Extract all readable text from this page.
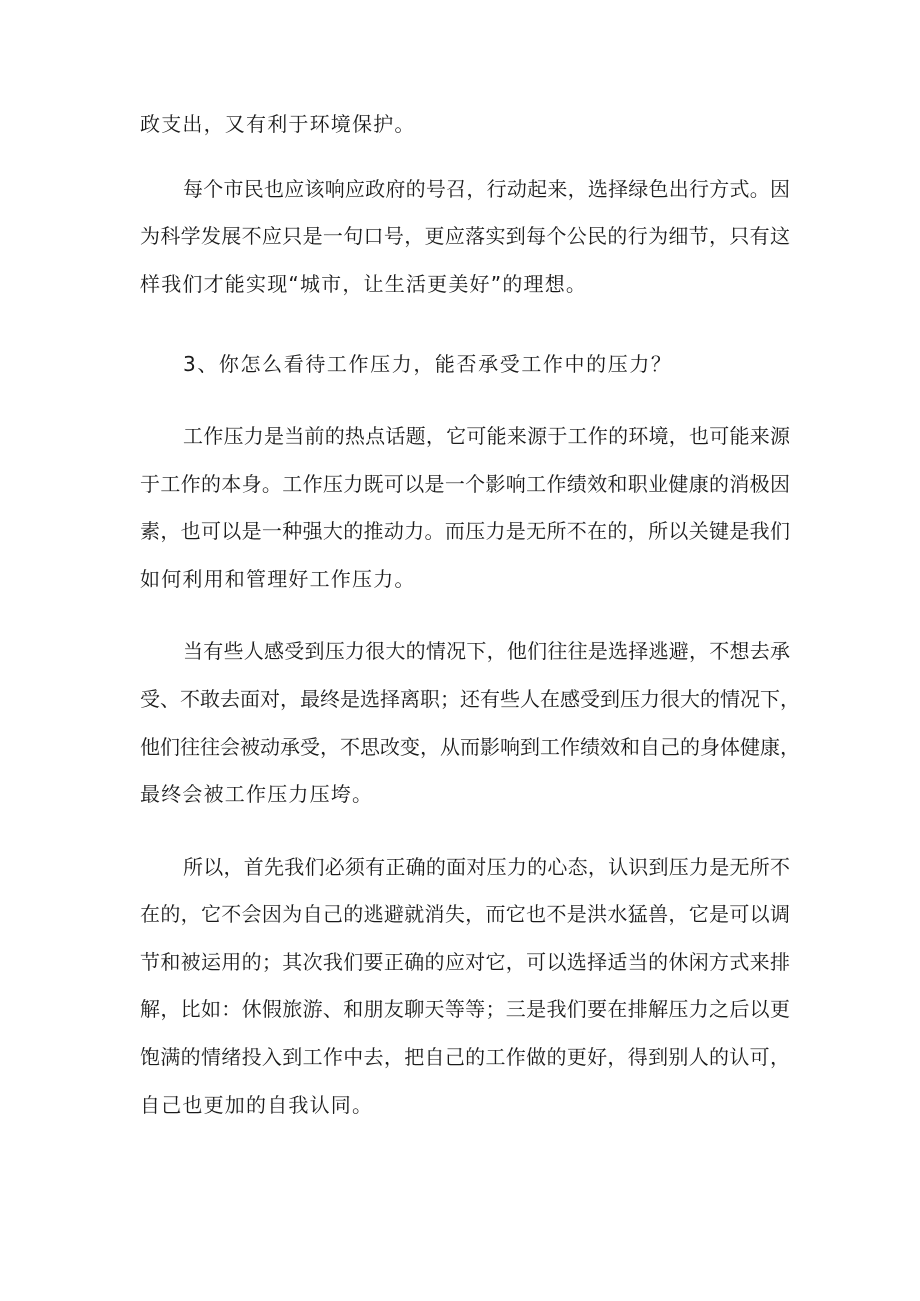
政支出，又有利于环境保护。
每个市民也应该响应政府的号召，行动起来，选择绿色出行方式。因
为科学发展不应只是一句口号，更应落实到每个公民的行为细节，只有这
样我们才能实现“城市，让生活更美好”的理想。
3、你怎么看待工作压力，能否承受工作中的压力？
工作压力是当前的热点话题，它可能来源于工作的环境，也可能来源
于工作的本身。工作压力既可以是一个影响工作绩效和职业健康的消极因
素，也可以是一种强大的推动力。而压力是无所不在的，所以关键是我们
如何利用和管理好工作压力。
当有些人感受到压力很大的情况下，他们往往是选择逃避，不想去承
受、不敢去面对，最终是选择离职；还有些人在感受到压力很大的情况下，
他们往往会被动承受，不思改变，从而影响到工作绩效和自己的身体健康，
最终会被工作压力压垮。
所以，首先我们必须有正确的面对压力的心态，认识到压力是无所不
在的，它不会因为自己的逃避就消失，而它也不是洪水猛兽，它是可以调
节和被运用的；其次我们要正确的应对它，可以选择适当的休闲方式来排
解，比如：休假旅游、和朋友聊天等等；三是我们要在排解压力之后以更
饱满的情绪投入到工作中去，把自己的工作做的更好，得到别人的认可，
自己也更加的自我认同。
